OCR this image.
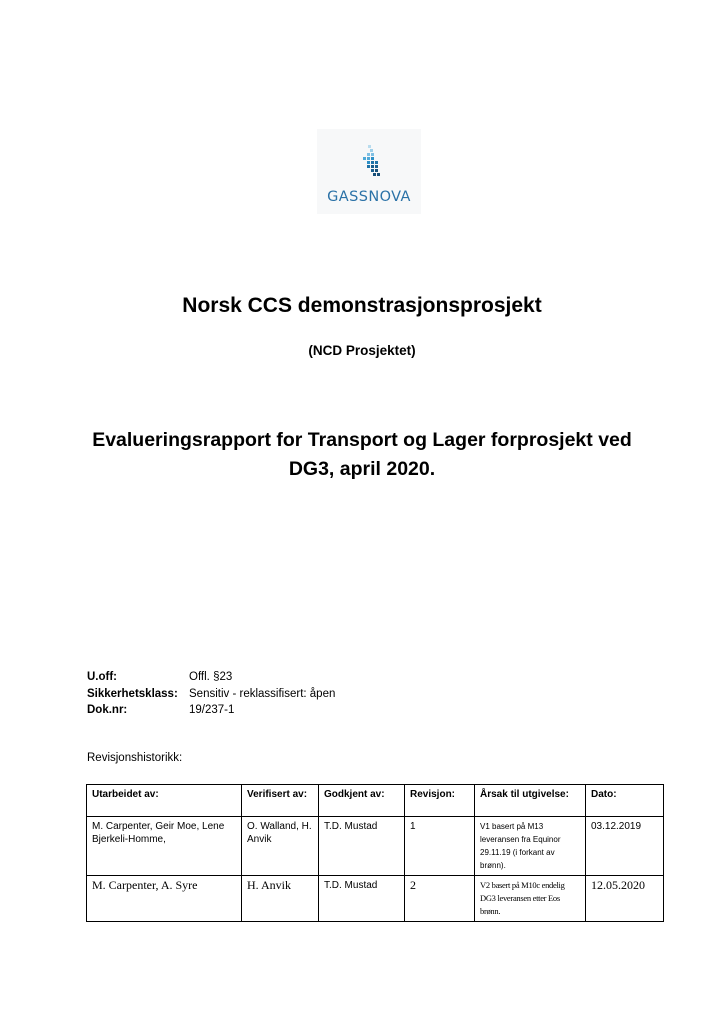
GASSNOVA
Norsk CCS demonstrasjonsprosjekt
(NCD Prosjektet)
Evalueringsrapport for Transport og Lager forprosjekt ved DG3, april 2020.
U.off:	Offl. §23
Sikkerhetsklass: Sensitiv - reklassifisert: åpen
Dok.nr:	19/237-1
Revisjonshistorikk:
Utarbeidet av:	Verifisert av:	Godkjent av:	Revisjon:	Årsak til utgivelse:	Dato:
M. Carpenter, Geir Moe, Lene Bjerkeli-Homme,	O. Walland, H. Anvik	T.D. Mustad	1	V1 basert på M13 leveransen fra Equinor 29.11.19 (i forkant av brønn).	03.12.2019
M. Carpenter, A. Syre	H. Anvik	T.D. Mustad	2	V2 basert på M10c endelig DG3 leveransen etter Eos brønn.	12.05.2020
